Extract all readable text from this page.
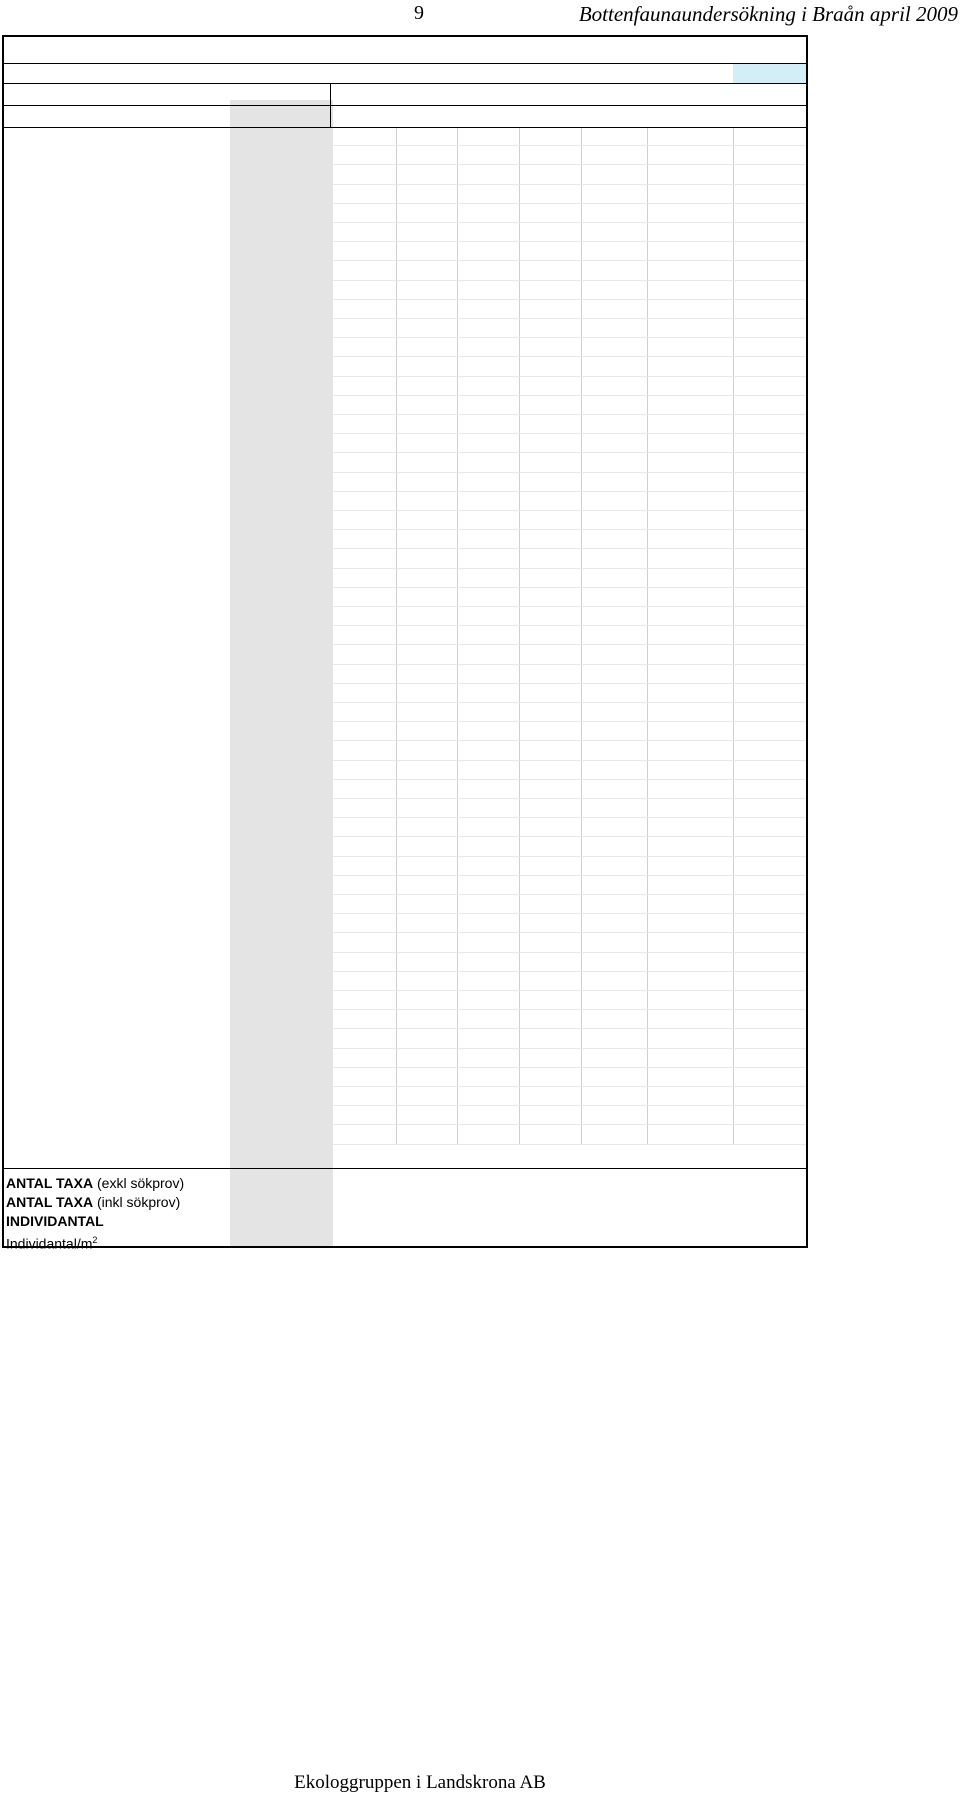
9	Bottenfaunaundersökning i Braån april 2009
ANTAL TAXA (exkl sökprov)
ANTAL TAXA (inkl sökprov)
INDIVIDANTAL
Individantal/$m^2$
Ekologgruppen i Landskrona AB
